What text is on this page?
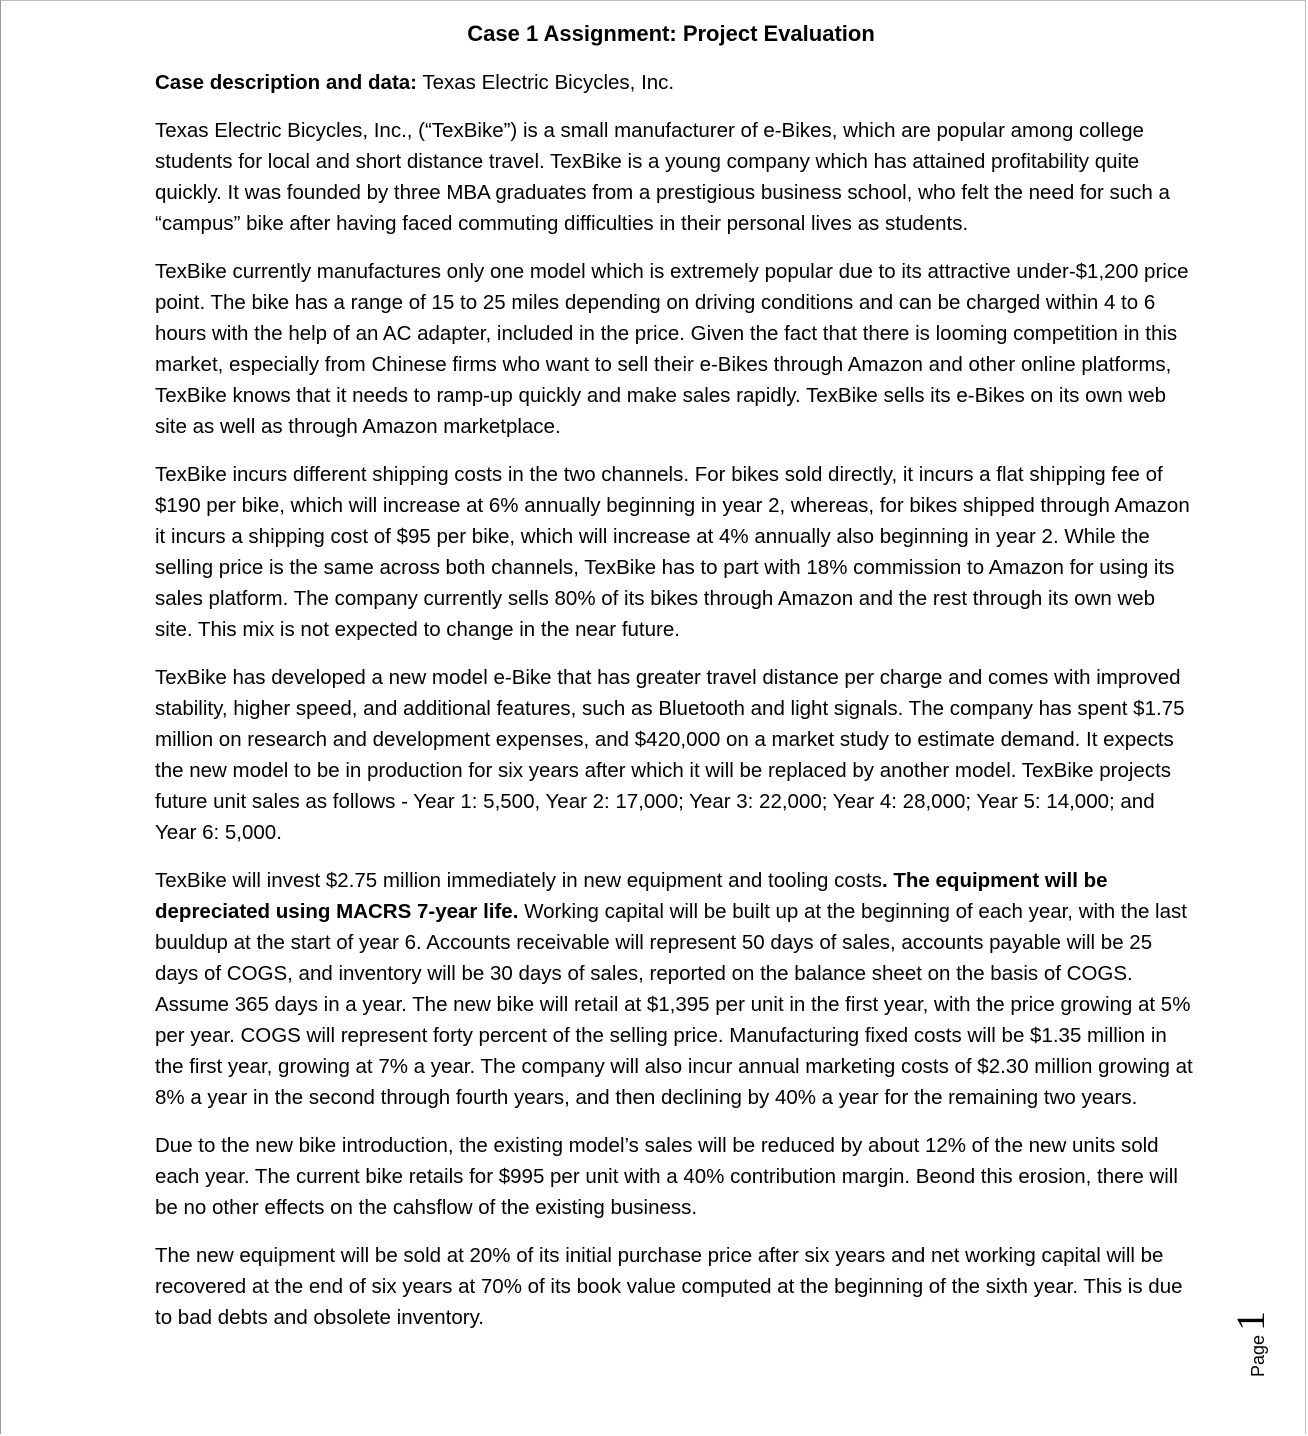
Case 1 Assignment: Project Evaluation

Case description and data: Texas Electric Bicycles, Inc.

Texas Electric Bicycles, Inc., (“TexBike”) is a small manufacturer of e-Bikes, which are popular among college students for local and short distance travel. TexBike is a young company which has attained profitability quite quickly. It was founded by three MBA graduates from a prestigious business school, who felt the need for such a “campus” bike after having faced commuting difficulties in their personal lives as students.

TexBike currently manufactures only one model which is extremely popular due to its attractive under-$1,200 price point. The bike has a range of 15 to 25 miles depending on driving conditions and can be charged within 4 to 6 hours with the help of an AC adapter, included in the price. Given the fact that there is looming competition in this market, especially from Chinese firms who want to sell their e-Bikes through Amazon and other online platforms, TexBike knows that it needs to ramp-up quickly and make sales rapidly. TexBike sells its e-Bikes on its own web site as well as through Amazon marketplace.

TexBike incurs different shipping costs in the two channels. For bikes sold directly, it incurs a flat shipping fee of $190 per bike, which will increase at 6% annually beginning in year 2, whereas, for bikes shipped through Amazon it incurs a shipping cost of $95 per bike, which will increase at 4% annually also beginning in year 2. While the selling price is the same across both channels, TexBike has to part with 18% commission to Amazon for using its sales platform. The company currently sells 80% of its bikes through Amazon and the rest through its own web site. This mix is not expected to change in the near future.

TexBike has developed a new model e-Bike that has greater travel distance per charge and comes with improved stability, higher speed, and additional features, such as Bluetooth and light signals. The company has spent $1.75 million on research and development expenses, and $420,000 on a market study to estimate demand. It expects the new model to be in production for six years after which it will be replaced by another model. TexBike projects future unit sales as follows - Year 1: 5,500, Year 2: 17,000; Year 3: 22,000; Year 4: 28,000; Year 5: 14,000; and Year 6: 5,000.

TexBike will invest $2.75 million immediately in new equipment and tooling costs. The equipment will be depreciated using MACRS 7-year life. Working capital will be built up at the beginning of each year, with the last buuldup at the start of year 6. Accounts receivable will represent 50 days of sales, accounts payable will be 25 days of COGS, and inventory will be 30 days of sales, reported on the balance sheet on the basis of COGS. Assume 365 days in a year. The new bike will retail at $1,395 per unit in the first year, with the price growing at 5% per year. COGS will represent forty percent of the selling price. Manufacturing fixed costs will be $1.35 million in the first year, growing at 7% a year. The company will also incur annual marketing costs of $2.30 million growing at 8% a year in the second through fourth years, and then declining by 40% a year for the remaining two years.

Due to the new bike introduction, the existing model’s sales will be reduced by about 12% of the new units sold each year. The current bike retails for $995 per unit with a 40% contribution margin. Beond this erosion, there will be no other effects on the cahsflow of the existing business.

The new equipment will be sold at 20% of its initial purchase price after six years and net working capital will be recovered at the end of six years at 70% of its book value computed at the beginning of the sixth year. This is due to bad debts and obsolete inventory.

Page1
